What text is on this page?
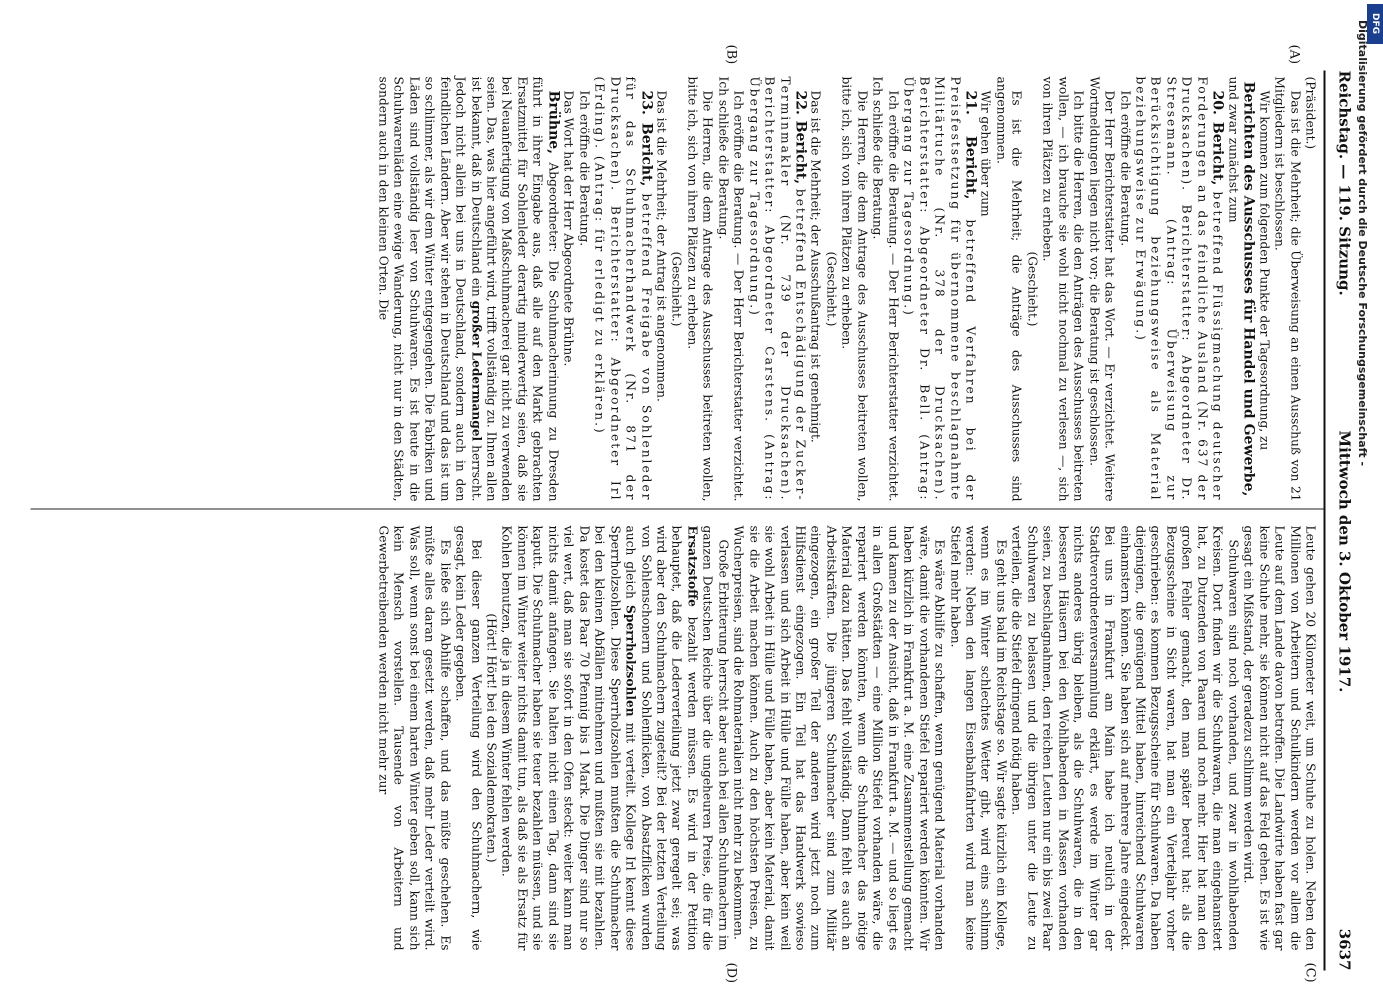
Reichstag. — 119. Sitzung.
Mittwoch den 3. Oktober 1917.
3637
(A)
(B)
(C)
(D)

(Präsident.)

Das ist die Mehrheit; die Überweisung an einen Ausschuß von 21 Mitgliedern ist beschlossen.

Wir kommen zum folgenden Punkte der Tagesordnung, zu

Berichten des Ausschusses für Handel und Gewerbe,

und zwar zunächst zum

20. Bericht, betreffend Flüssigmachung deutscher Forderungen an das feindliche Ausland (Nr. 637 der Drucksachen). Berichterstatter: Abgeordneter Dr. Stresemann. (Antrag: Überweisung zur Berücksichtigung beziehungsweise als Material beziehungsweise zur Erwägung.)

Ich eröffne die Beratung.

Der Herr Berichterstatter hat das Wort. — Er verzichtet. Weitere Wortmeldungen liegen nicht vor; die Beratung ist geschlossen.

Ich bitte die Herren, die den Anträgen des Ausschusses beitreten wollen, — ich brauche sie wohl nicht nochmal zu verlesen —, sich von ihren Plätzen zu erheben.

(Geschieht.)

Es ist die Mehrheit; die Anträge des Ausschusses sind angenommen.

Wir gehen über zum

21. Bericht, betreffend Verfahren bei der Preisfestsetzung für übernommene beschlagnahmte Militärtuche (Nr. 378 der Drucksachen). Berichterstatter: Abgeordneter Dr. Bell. (Antrag: Übergang zur Tagesordnung.)

Ich eröffne die Beratung. — Der Herr Berichterstatter verzichtet. Ich schließe die Beratung.

Die Herren, die dem Antrage des Ausschusses beitreten wollen, bitte ich, sich von ihren Plätzen zu erheben.

(Geschieht.)

Das ist die Mehrheit; der Ausschußantrag ist genehmigt.

22. Bericht, betreffend Entschädigung der Zucker-Terminmakler (Nr. 739 der Drucksachen). Berichterstatter: Abgeordneter Carstens. (Antrag: Übergang zur Tagesordnung.)

Ich eröffne die Beratung. — Der Herr Berichterstatter verzichtet. Ich schließe die Beratung.

Die Herren, die dem Antrage des Ausschusses beitreten wollen, bitte ich, sich von ihren Plätzen zu erheben.

(Geschieht.)

Das ist die Mehrheit; der Antrag ist angenommen.

23. Bericht, betreffend Freigabe von Sohlenleder für das Schuhmacherhandwerk (Nr. 871 der Drucksachen). Berichterstatter: Abgeordneter Irl (Erding). (Antrag: für erledigt zu erklären.)

Ich eröffne die Beratung.

Das Wort hat der Herr Abgeordnete Brühne.

Brühne, Abgeordneter: Die Schuhmacherinnung zu Dresden führt in ihrer Eingabe aus, daß alle auf den Markt gebrachten Ersatzmittel für Sohlenleder derartig minderwertig seien, daß sie bei Neuanfertigung von Maßschuhmacherei gar nicht zu verwenden seien. Das, was hier angeführt wird, trifft vollständig zu. Ihnen allen ist bekannt, daß in Deutschland ein großer Ledermangel herrscht. Jedoch nicht allein bei uns in Deutschland, sondern auch in den feindlichen Ländern. Aber wir stehen in Deutschland und das ist um so schlimmer, als wir dem Winter entgegengehen. Die Fabriken und Läden sind vollständig leer von Schuhwaren. Es ist heute in die Schuhwarenläden eine ewige Wanderung, nicht nur in den Städten, sondern auch in den kleinen Orten. Die

Leute gehen 20 Kilometer weit, um Schuhe zu holen. Neben den Millionen von Arbeitern und Schulkindern werden vor allem die Leute auf dem Lande davon betroffen. Die Landwirte haben fast gar keine Schuhe mehr, sie können nicht auf das Feld gehen. Es ist wie gesagt ein Mißstand, der geradezu schlimm werden wird.

Schuhwaren sind noch vorhanden, und zwar in wohlhabenden Kreisen. Dort finden wir die Schuhwaren, die man eingehamstert hat, zu Dutzenden von Paaren und noch mehr. Hier hat man den großen Fehler gemacht, den man später bereut hat: als die Bezugsscheine in Sicht waren, hat man ein Vierteljahr vorher geschrieben: es kommen Bezugsscheine für Schuhwaren. Da haben diejenigen, die genügend Mittel haben, hinreichend Schuhwaren einhamstern können. Sie haben sich auf mehrere Jahre eingedeckt. Bei uns in Frankfurt am Main habe ich neulich in der Stadtverordnetenversammlung erklärt, es werde im Winter gar nichts anderes übrig bleiben, als die Schuhwaren, die in den besseren Häusern bei den Wohlhabenden in Massen vorhanden seien, zu beschlagnahmen, den reichen Leuten nur ein bis zwei Paar Schuhwaren zu belassen und die übrigen unter die Leute zu verteilen, die die Stiefel dringend nötig haben.

Es geht uns bald im Reichstage so. Wir sagte kürzlich ein Kollege, wenn es im Winter schlechtes Wetter gibt, wird eins schlimm werden: Neben den langen Eisenbahnfahrten wird man keine Stiefel mehr haben.

Es wäre Abhilfe zu schaffen, wenn genügend Material vorhanden wäre, damit die vorhandenen Stiefel repariert werden könnten. Wir haben kürzlich in Frankfurt a. M. eine Zusammenstellung gemacht und kamen zu der Ansicht, daß in Frankfurt a. M. — und so liegt es in allen Großstädten — eine Million Stiefel vorhanden wäre, die repariert werden könnten, wenn die Schuhmacher das nötige Material dazu hätten. Das fehlt vollständig. Dann fehlt es auch an Arbeitskräften. Die jüngeren Schuhmacher sind zum Militär eingezogen, ein großer Teil der anderen wird jetzt noch zum Hilfsdienst eingezogen. Ein Teil hat das Handwerk sowieso verlassen und sich Arbeit in Hülle und Fülle haben, aber kein weil sie wohl Arbeit in Hülle und Fülle haben, aber kein Material, damit sie die Arbeit machen können. Auch zu den höchsten Preisen, zu Wucherpreisen, sind die Rohmaterialien nicht mehr zu bekommen.

Große Erbitterung herrscht aber auch bei allen Schuhmachern im ganzen Deutschen Reiche über die ungeheuren Preise, die für die Ersatzstoffe bezahlt werden müssen. Es wird in der Petition behauptet, daß die Lederverteilung jetzt zwar geregelt sei; was wird aber den Schuhmachern zugeteilt? Bei der letzten Verteilung von Sohlenschonern und Sohlenflicken, von Absatzflicken wurden auch gleich Sperrholzsohlen mit verteilt. Kollege Irl kennt diese Sperrholzsohlen. Diese Sperrholzsohlen mußten die Schuhmacher bei den kleinen Abfällen mitnehmen und mußten sie mit bezahlen. Da kostet das Paar 70 Pfennig bis 1 Mark. Die Dinger sind nur so viel wert, daß man sie sofort in den Ofen steckt: weiter kann man nichts damit anfangen. Sie halten nicht einen Tag, dann sind sie kaputt. Die Schuhmacher haben sie teuer bezahlen müssen, und sie können im Winter weiter nichts damit tun, als daß sie als Ersatz für Kohlen benutzen, die ja in diesem Winter fehlen werden.

(Hört! Hört! bei den Sozialdemokraten.)

Bei dieser ganzen Verteilung wird den Schuhmachern, wie gesagt, kein Leder gegeben.

Es ließe sich Abhilfe schaffen, und das müßte geschehen. Es müßte alles daran gesetzt werden, daß mehr Leder verteilt wird. Was soll, wenn sonst bei einem harten Winter geben soll, kann sich kein Mensch vorstellen. Tausende von Arbeitern und Gewerbetreibenden werden nicht mehr zur

DFG
Digitalisierung gefördert durch die Deutsche Forschungsgemeinschaft -
